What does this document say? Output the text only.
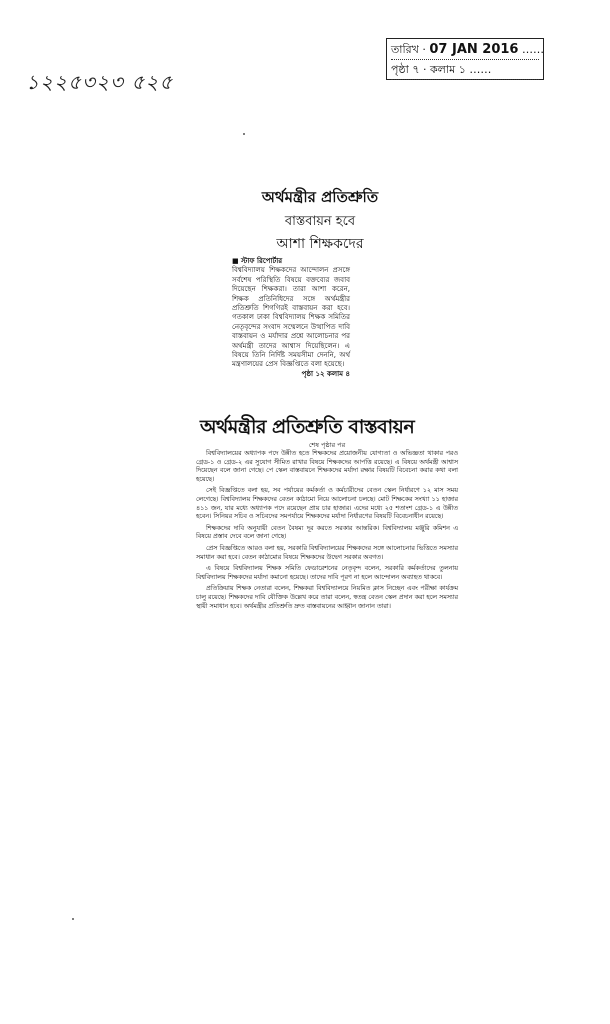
তারিখ · 07 JAN 2016 ……
পৃষ্ঠা ৭ · কলাম ১ ……
১২২৫৩২৩ ৫২৫
অর্থমন্ত্রীর প্রতিশ্রুতি
বাস্তবায়ন হবে
আশা শিক্ষকদের
■ স্টাফ রিপোর্টার
বিশ্ববিদ্যালয় শিক্ষকদের আন্দোলন প্রসঙ্গে সর্বশেষ পরিস্থিতি বিষয়ে বক্তব্যের জবাব দিয়েছেন শিক্ষকরা। তারা আশা করেন, শিক্ষক প্রতিনিধিদের সঙ্গে অর্থমন্ত্রীর প্রতিশ্রুতি শিগগিরই বাস্তবায়ন করা হবে। গতকাল ঢাকা বিশ্ববিদ্যালয় শিক্ষক সমিতির নেতৃবৃন্দের সংবাদ সম্মেলনে উত্থাপিত দাবি বাস্তবায়ন ও মর্যাদার প্রশ্নে আলোচনার পর অর্থমন্ত্রী তাদের আশ্বাস দিয়েছিলেন। এ বিষয়ে তিনি নির্দিষ্ট সময়সীমা দেননি, অর্থ মন্ত্রণালয়ের প্রেস বিজ্ঞপ্তিতে বলা হয়েছে।
পৃষ্ঠা ১২ কলাম ৪
অর্থমন্ত্রীর প্রতিশ্রুতি বাস্তবায়ন
শেষ পৃষ্ঠার পর

বিশ্ববিদ্যালয়ের অধ্যাপক পদে উন্নীত হতে শিক্ষকদের প্রয়োজনীয় যোগ্যতা ও অভিজ্ঞতা থাকার পরও গ্রেড-১ ও গ্রেড-২ এর সুযোগ সীমিত রাখার বিষয়ে শিক্ষকদের আপত্তি রয়েছে। এ বিষয়ে অর্থমন্ত্রী আশ্বাস দিয়েছেন বলে জানা গেছে। পে স্কেল বাস্তবায়নে শিক্ষকদের মর্যাদা রক্ষার বিষয়টি বিবেচনা করার কথা বলা হয়েছে।

সেই বিজ্ঞপ্তিতে বলা হয়, সব পর্যায়ের কর্মকর্তা ও কর্মচারীদের বেতন স্কেল নির্ধারণে ১২ মাস সময় লেগেছে। বিশ্ববিদ্যালয় শিক্ষকদের বেতন কাঠামো নিয়ে আলোচনা চলছে। মোট শিক্ষকের সংখ্যা ১১ হাজার ৪১১ জন, যার মধ্যে অধ্যাপক পদে রয়েছেন প্রায় চার হাজার। এদের মধ্যে ২৫ শতাংশ গ্রেড-১ এ উন্নীত হবেন। সিনিয়র সচিব ও সচিবদের সমপর্যায়ে শিক্ষকদের মর্যাদা নির্ধারণের বিষয়টি বিবেচনাধীন রয়েছে।

শিক্ষকদের দাবি অনুযায়ী বেতন বৈষম্য দূর করতে সরকার আন্তরিক। বিশ্ববিদ্যালয় মঞ্জুরি কমিশন এ বিষয়ে প্রস্তাব দেবে বলে জানা গেছে।

প্রেস বিজ্ঞপ্তিতে আরও বলা হয়, সরকারি বিশ্ববিদ্যালয়ের শিক্ষকদের সঙ্গে আলোচনার ভিত্তিতে সমস্যার সমাধান করা হবে। বেতন কাঠামোর বিষয়ে শিক্ষকদের উদ্বেগ সরকার অবগত।

এ বিষয়ে বিশ্ববিদ্যালয় শিক্ষক সমিতি ফেডারেশনের নেতৃবৃন্দ বলেন, সরকারি কর্মকর্তাদের তুলনায় বিশ্ববিদ্যালয় শিক্ষকদের মর্যাদা কমানো হয়েছে। তাদের দাবি পূরণ না হলে আন্দোলন অব্যাহত থাকবে।

প্রতিক্রিয়ায় শিক্ষক নেতারা বলেন, শিক্ষকরা বিশ্ববিদ্যালয়ে নিয়মিত ক্লাস নিচ্ছেন এবং পরীক্ষা কার্যক্রম চালু রয়েছে। শিক্ষকদের দাবি যৌক্তিক উল্লেখ করে তারা বলেন, স্বতন্ত্র বেতন স্কেল প্রদান করা হলে সমস্যার স্থায়ী সমাধান হবে। অর্থমন্ত্রীর প্রতিশ্রুতি দ্রুত বাস্তবায়নের আহ্বান জানান তারা।
